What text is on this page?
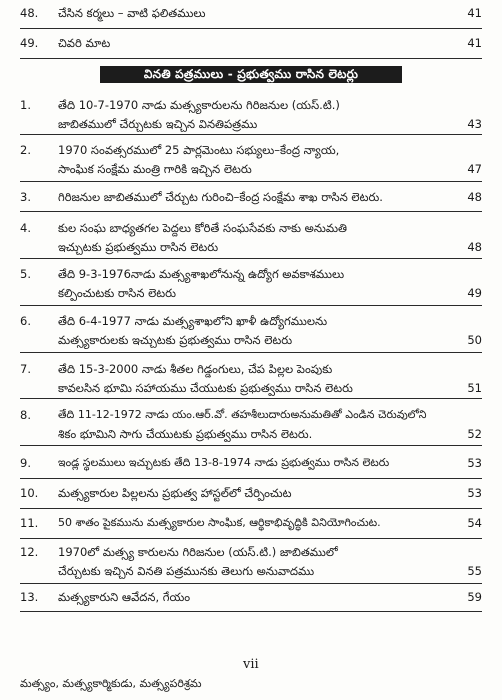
48.	చేసిన కర్మలు – వాటి ఫలితములు	41
49.	చివరి మాట	41
వినతి పత్రములు - ప్రభుత్వము రాసిన లెటర్లు
1.	తేది 10-7-1970 నాడు మత్స్యకారులను గిరిజనుల (యస్.టి.)
జాబితములో చేర్చుటకు ఇచ్చిన వినతిపత్రము	43
2.	1970 సంవత్సరములో 25 పార్లమెంటు సభ్యులు–కేంద్ర న్యాయ,
సాంఘిక సంక్షేమ మంత్రి గారికి ఇచ్చిన లెటరు	47
3.	గిరిజనుల జాబితములో చేర్చుట గురించి–కేంద్ర సంక్షేమ శాఖ రాసిన లెటరు.	48
4.	కుల సంఘ బాధ్యతగల పెద్దలు కోరితే సంఘసేవకు నాకు అనుమతి
ఇచ్చుటకు ప్రభుత్వము రాసిన లెటరు	48
5.	తేది 9-3-1976నాడు మత్స్యశాఖలోనున్న ఉద్యోగ అవకాశములు
కల్పించుటకు రాసిన లెటరు	49
6.	తేది 6-4-1977 నాడు మత్స్యశాఖలోని ఖాళీ ఉద్యోగములను
మత్స్యకారులకు ఇచ్చుటకు ప్రభుత్వము రాసిన లెటరు	50
7.	తేది 15-3-2000 నాడు శీతల గిడ్డంగులు, చేప పిల్లల పెంపుకు
కావలసిన భూమి సహాయము చేయుటకు ప్రభుత్వము రాసిన లెటరు	51
8.	తేది 11-12-1972 నాడు యం.ఆర్.వో. తహశీలుదారుఅనుమతితో ఎండిన చెరువులోని
శికం భూమిని సాగు చేయుటకు ప్రభుత్వము రాసిన లెటరు.	52
9.	ఇండ్ల స్థలములు ఇచ్చుటకు తేది 13-8-1974 నాడు ప్రభుత్వము రాసిన లెటరు	53
10.	మత్స్యకారుల పిల్లలను ప్రభుత్వ హాస్టల్‌లో చేర్పించుట	53
11.	50 శాతం పైకమును మత్స్యకారుల సాంఘిక, ఆర్థికాభివృద్ధికి వినియోగించుట.	54
12.	1970లో మత్స్య కారులను గిరిజనుల (యస్.టి.) జాబితములో
చేర్చుటకు ఇచ్చిన వినతి పత్రమునకు తెలుగు అనువాదము	55
13.	మత్స్యకారుని ఆవేదన, గేయం	59
vii
మత్స్యం, మత్స్యకార్మికుడు, మత్స్యపరిశ్రమ
